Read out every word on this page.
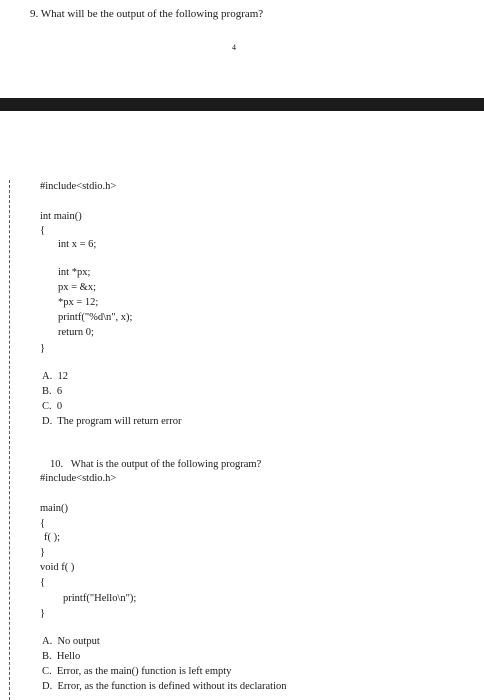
9. What will be the output of the following program?
4
#include<stdio.h>
int main()
{
int x = 6;
int *px;
px = &x;
*px = 12;
printf("%d\n", x);
return 0;
}
A.  12
B.  6
C.  0
D.  The program will return error
10.   What is the output of the following program?
#include<stdio.h>
main()
{
f( );
}
void f( )
{
printf("Hello\n");
}
A.  No output
B.  Hello
C.  Error, as the main() function is left empty
D.  Error, as the function is defined without its declaration
